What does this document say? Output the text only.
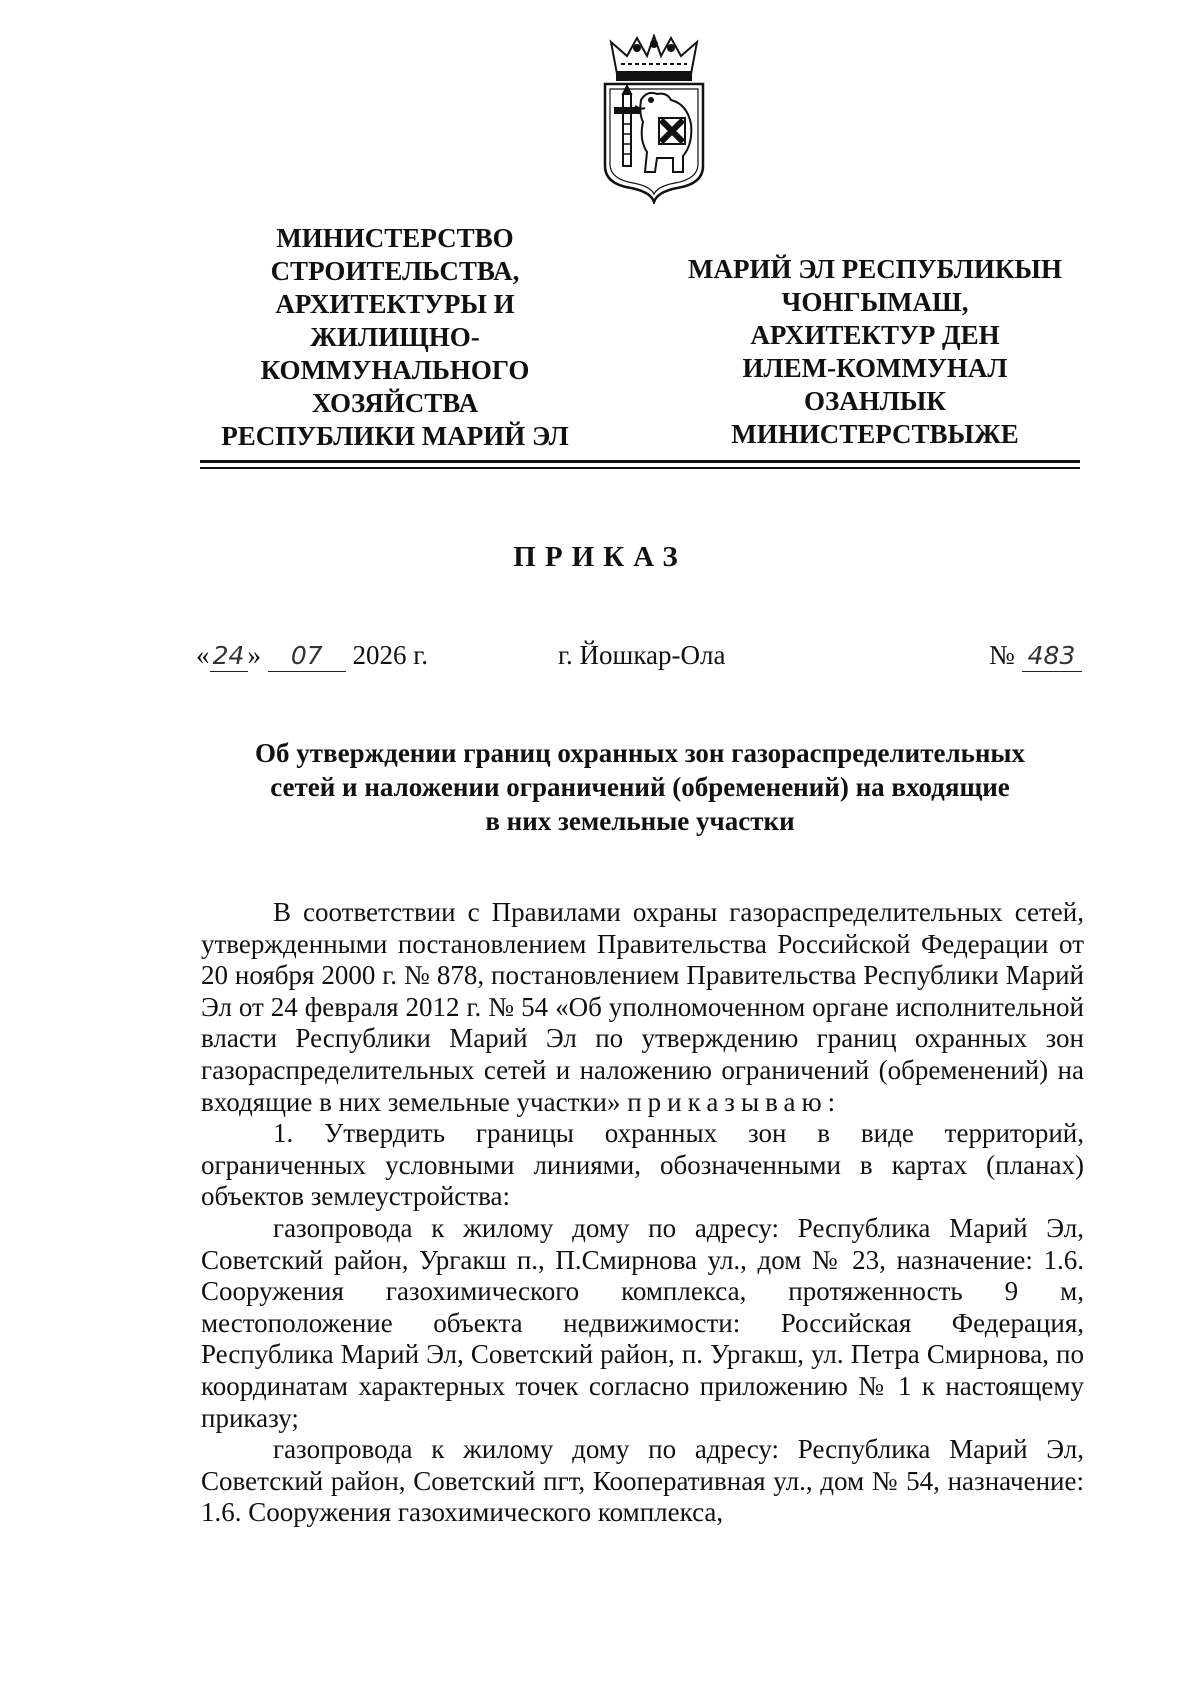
МИНИСТЕРСТВО
СТРОИТЕЛЬСТВА,
АРХИТЕКТУРЫ И
ЖИЛИЩНО-
КОММУНАЛЬНОГО
ХОЗЯЙСТВА
РЕСПУБЛИКИ МАРИЙ ЭЛ

МАРИЙ ЭЛ РЕСПУБЛИКЫН
ЧОНГЫМАШ,
АРХИТЕКТУР ДЕН
ИЛЕМ-КОММУНАЛ
ОЗАНЛЫК
МИНИСТЕРСТВЫЖЕ

ПРИКАЗ

« 24 » 07 2026 г.	г. Йошкар-Ола	№ 483

Об утверждении границ охранных зон газораспределительных
сетей и наложении ограничений (обременений) на входящие
в них земельные участки

В соответствии с Правилами охраны газораспределительных сетей, утвержденными постановлением Правительства Российской Федерации от 20 ноября 2000 г. № 878, постановлением Правительства Республики Марий Эл от 24 февраля 2012 г. № 54 «Об уполномоченном органе исполнительной власти Республики Марий Эл по утверждению границ охранных зон газораспределительных сетей и наложению ограничений (обременений) на входящие в них земельные участки» приказываю:

1. Утвердить границы охранных зон в виде территорий, ограниченных условными линиями, обозначенными в картах (планах) объектов землеустройства:

газопровода к жилому дому по адресу: Республика Марий Эл, Советский район, Ургакш п., П.Смирнова ул., дом № 23, назначение: 1.6. Сооружения газохимического комплекса, протяженность 9 м, местоположение объекта недвижимости: Российская Федерация, Республика Марий Эл, Советский район, п. Ургакш, ул. Петра Смирнова, по координатам характерных точек согласно приложению № 1 к настоящему приказу;

газопровода к жилому дому по адресу: Республика Марий Эл, Советский район, Советский пгт, Кооперативная ул., дом № 54, назначение: 1.6. Сооружения газохимического комплекса,
